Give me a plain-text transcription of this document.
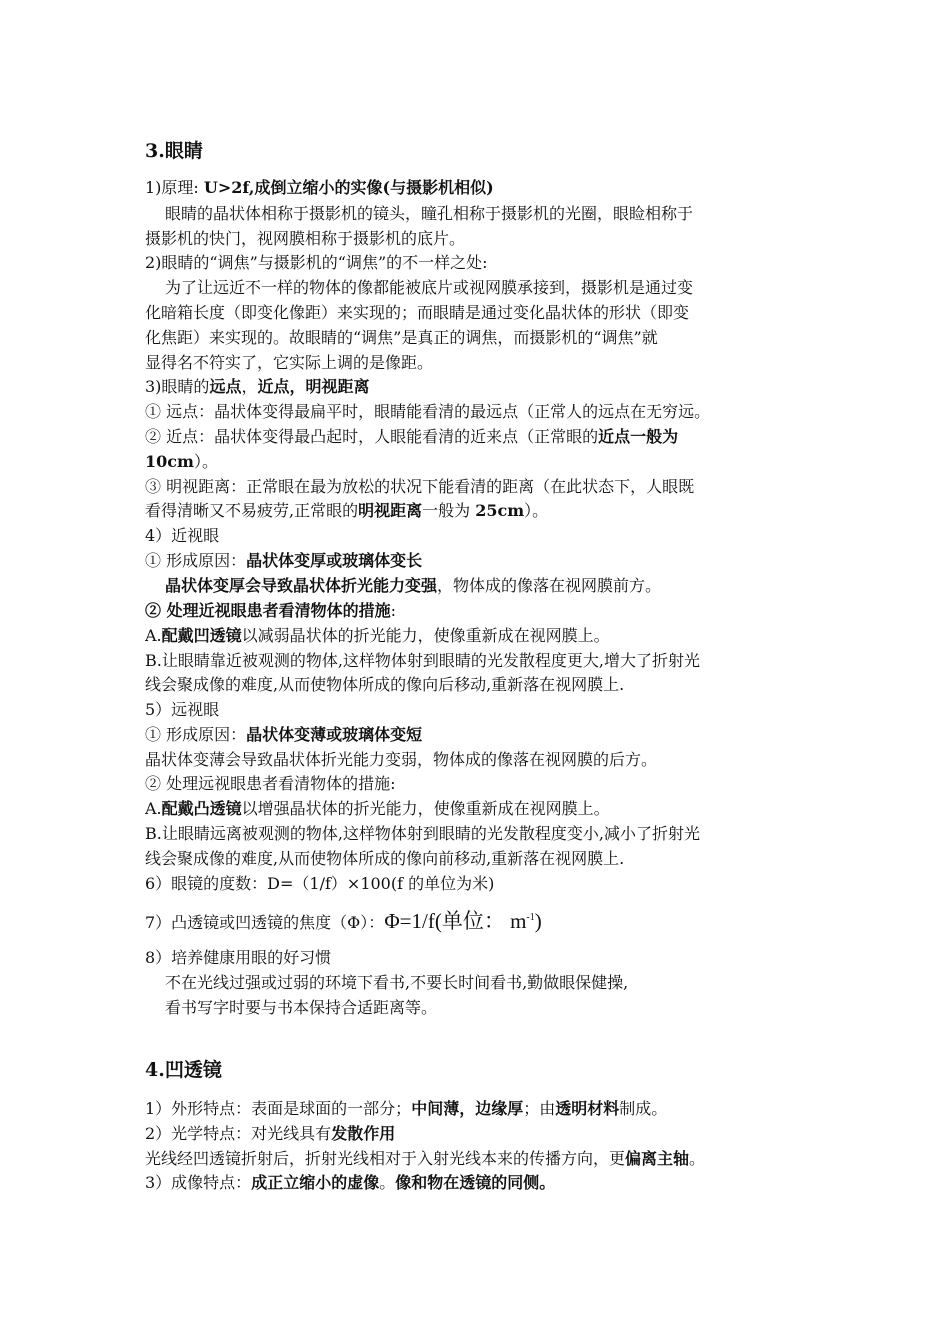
3.眼睛
1)原理: U>2f,成倒立缩小的实像(与摄影机相似)
眼睛的晶状体相称于摄影机的镜头，瞳孔相称于摄影机的光圈，眼睑相称于
摄影机的快门，视网膜相称于摄影机的底片。
2)眼睛的“调焦”与摄影机的“调焦”的不一样之处:
为了让远近不一样的物体的像都能被底片或视网膜承接到，摄影机是通过变
化暗箱长度（即变化像距）来实现的；而眼睛是通过变化晶状体的形状（即变
化焦距）来实现的。故眼睛的“调焦”是真正的调焦，而摄影机的“调焦”就
显得名不符实了，它实际上调的是像距。
3)眼睛的远点，近点，明视距离
① 远点：晶状体变得最扁平时，眼睛能看清的最远点（正常人的远点在无穷远。
② 近点：晶状体变得最凸起时，人眼能看清的近来点（正常眼的近点一般为
10cm）。
③ 明视距离：正常眼在最为放松的状况下能看清的距离（在此状态下，人眼既
看得清晰又不易疲劳,正常眼的明视距离一般为 25cm）。
4）近视眼
① 形成原因：晶状体变厚或玻璃体变长
晶状体变厚会导致晶状体折光能力变强，物体成的像落在视网膜前方。
② 处理近视眼患者看清物体的措施:
A.配戴凹透镜以减弱晶状体的折光能力，使像重新成在视网膜上。
B.让眼睛靠近被观测的物体,这样物体射到眼睛的光发散程度更大,增大了折射光
线会聚成像的难度,从而使物体所成的像向后移动,重新落在视网膜上.
5）远视眼
① 形成原因：晶状体变薄或玻璃体变短
晶状体变薄会导致晶状体折光能力变弱，物体成的像落在视网膜的后方。
② 处理远视眼患者看清物体的措施:
A.配戴凸透镜以增强晶状体的折光能力，使像重新成在视网膜上。
B.让眼睛远离被观测的物体,这样物体射到眼睛的光发散程度变小,减小了折射光
线会聚成像的难度,从而使物体所成的像向前移动,重新落在视网膜上.
6）眼镜的度数：D=（1/f）×100(f 的单位为米)
7）凸透镜或凹透镜的焦度（Φ）：Φ=1/f(单位： $m^{-1}$)
8）培养健康用眼的好习惯
不在光线过强或过弱的环境下看书,不要长时间看书,勤做眼保健操,
看书写字时要与书本保持合适距离等。
4.凹透镜
1）外形特点：表面是球面的一部分；中间薄，边缘厚；由透明材料制成。
2）光学特点：对光线具有发散作用
光线经凹透镜折射后，折射光线相对于入射光线本来的传播方向，更偏离主轴。
3）成像特点：成正立缩小的虚像。像和物在透镜的同侧。
